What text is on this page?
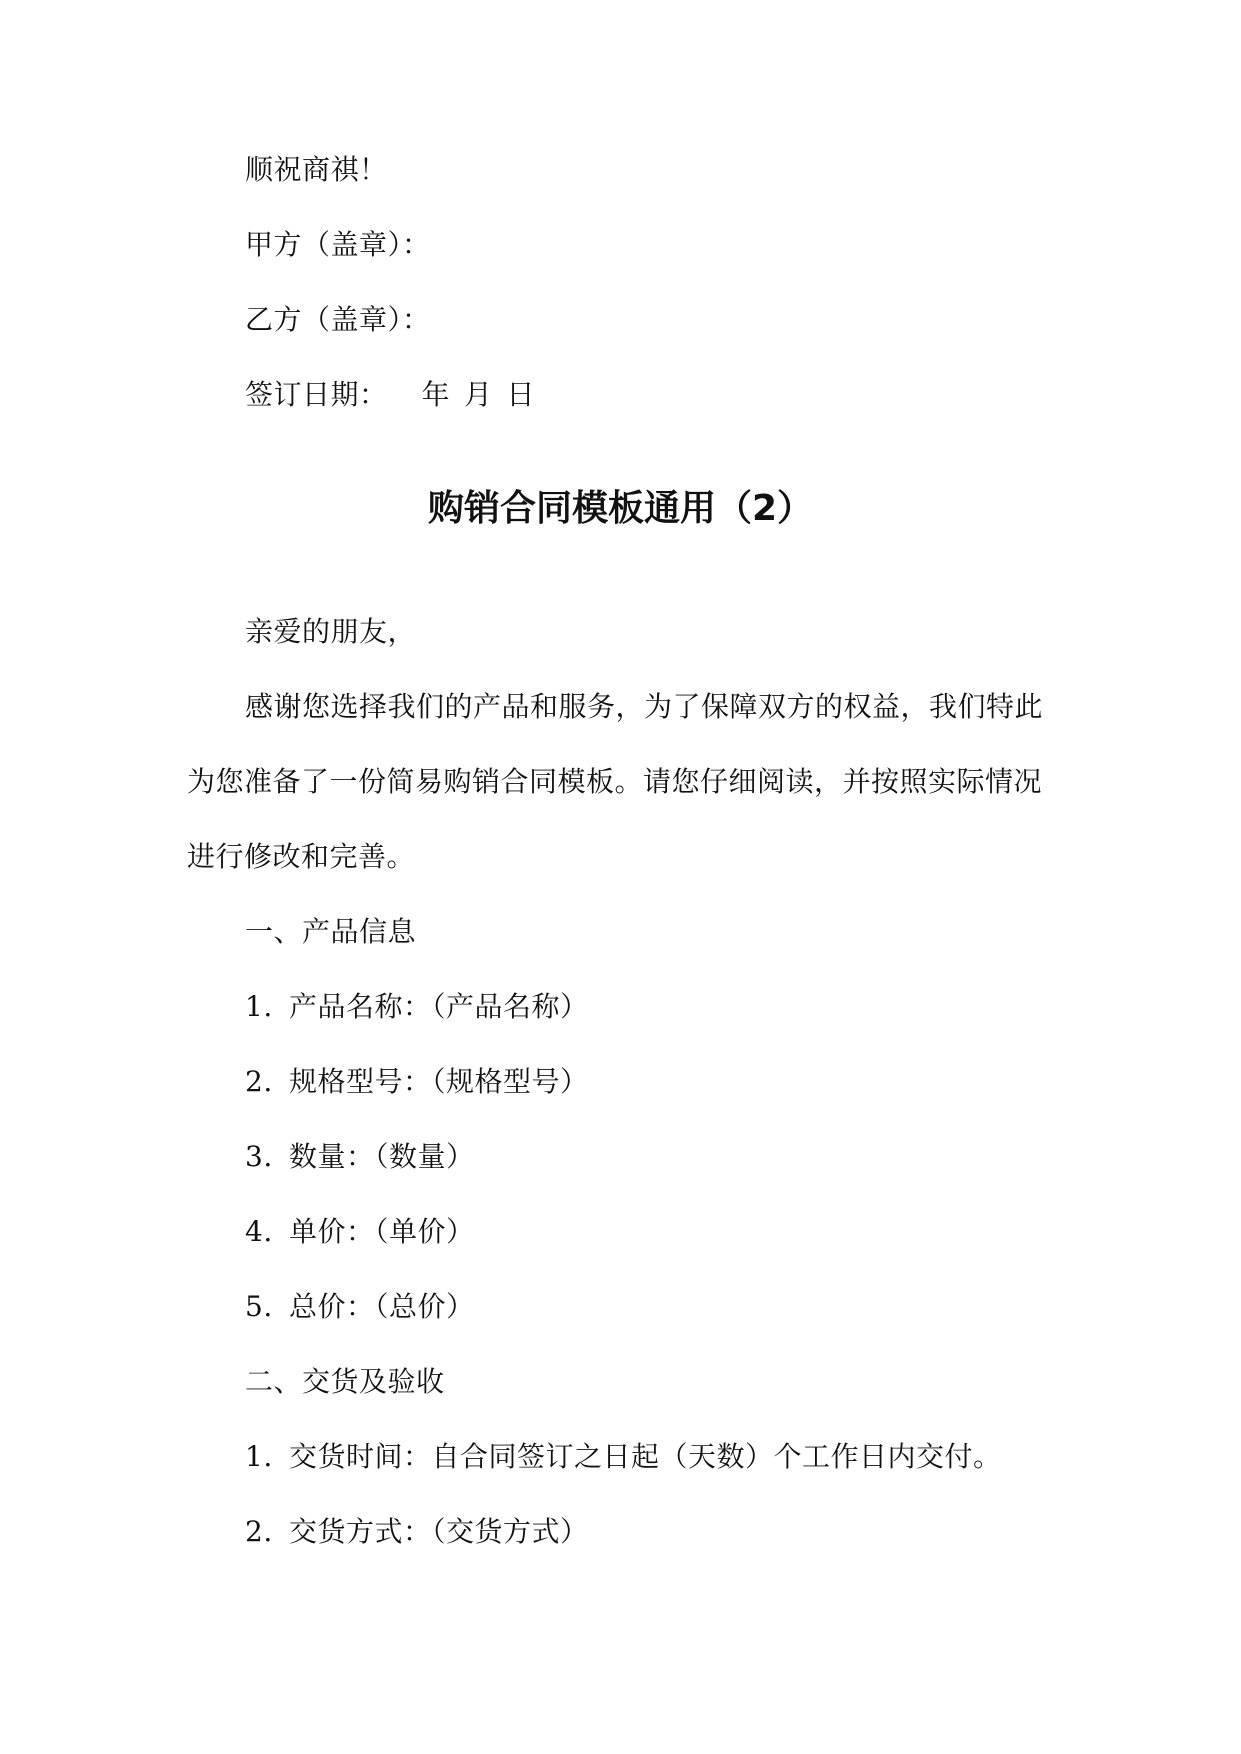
顺祝商祺！
甲方（盖章）：
乙方（盖章）：
签订日期： 年 月 日
购销合同模板通用（2）
亲爱的朋友，
感谢您选择我们的产品和服务，为了保障双方的权益，我们特此
为您准备了一份简易购销合同模板。请您仔细阅读，并按照实际情况
进行修改和完善。
一、产品信息
1. 产品名称：（产品名称）
2. 规格型号：（规格型号）
3. 数量：（数量）
4. 单价：（单价）
5. 总价：（总价）
二、交货及验收
1. 交货时间：自合同签订之日起（天数）个工作日内交付。
2. 交货方式：（交货方式）
